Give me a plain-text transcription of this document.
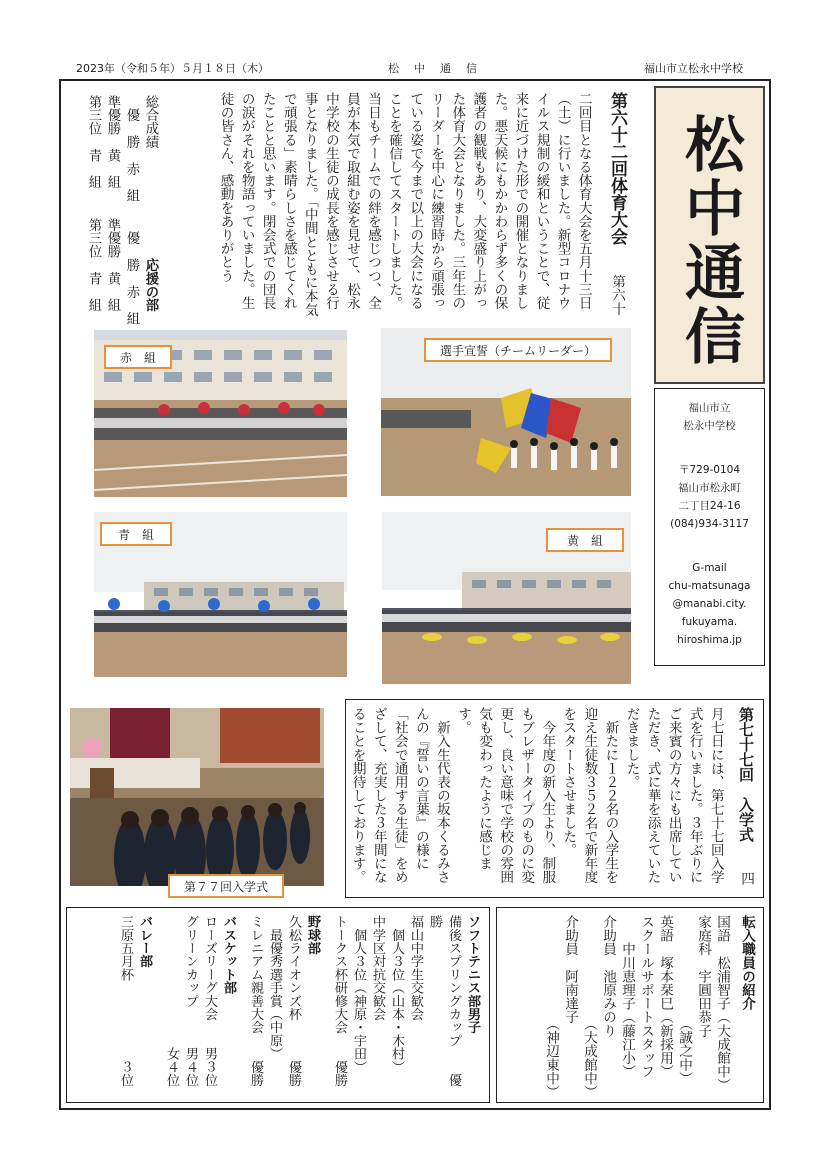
2023年（令和５年）５月１８日（木）	松　中　通　信	福山市立松永中学校
松中通信
福山市立
松永中学校
〒729-0104
福山市松永町
二丁目24-16
(084)934-3117
G-mail
chu-matsunaga
@manabi.city.
fukuyama.
hiroshima.jp
第六十二回体育大会 　第六十二回目となる体育大会を五月十三日（土）に行いました。新型コロナウイルス規制の緩和ということで、従来に近づけた形での開催となりました。悪天候にもかかわらず多くの保護者の観戦もあり、大変盛り上がった体育大会となりました。三年生のリーダーを中心に練習時から頑張っている姿で今まで以上の大会になることを確信してスタートしました。当日もチームでの絆を感じつつ、全員が本気で取組む姿を見せて、松永中学校の生徒の成長を感じさせる行事となりました。「中間とともに本気で頑張る」素晴らしさを感じてくれたことと思います。閉会式での団長の涙がそれを物語っていました。生徒の皆さん、感動をありがとう
総合成績
　優　勝　赤　組
準優勝　黄　組
第三位　青　組
　　　応援の部
　優　勝　赤　組
準優勝　黄　組
第三位　青　組
赤　組	選手宣誓（チームリーダー）
青　組	黄　組
第七十七回　入学式 　四月七日には、第七十七回入学式を行いました。３年ぶりにご来賓の方々にも出席していただき、式に華を添えていただきました。
　新たに１２２名の入学生を迎え生徒数３５２名で新年度をスタートさせました。
　今年度の新入生より、制服もブレザータイプのものに変更し、良い意味で学校の雰囲気も変わったように感じます。
　新入生代表の坂本くるみさんの『誓いの言葉』の様に「社会で通用する生徒」をめざして、充実した３年間になることを期待しております。
第７７回入学式
転入職員の紹介
国語　松浦智子（大成館中）
家庭科　宇圓田恭子
　　　　　　　　（誠之中）
英語　塚本栞巳（新採用）
スクールサポートスタッフ
　　中川恵理子（藤江小）
介助員　池原みのり
　　　　　　　　（大成館中）
介助員　阿南達子
　　　　　　　　（神辺東中）
ソフトテニス部男子
備後スプリングカップ　　優勝
福山中学生交歓会
　個人３位（山本・木村）
中学区対抗交歓会
　個人３位（神原・宇田）
トークス杯研修大会　　優勝
野球部
久松ライオンズ杯　　　優勝
　最優秀選手賞（中原）
ミレニアム親善大会　　優勝
バスケット部
ローズリーグ大会　　男３位
グリーンカップ　　　男４位
　　　　　　　　　　女４位
バレー部
三原五月杯　　　　　　３位
